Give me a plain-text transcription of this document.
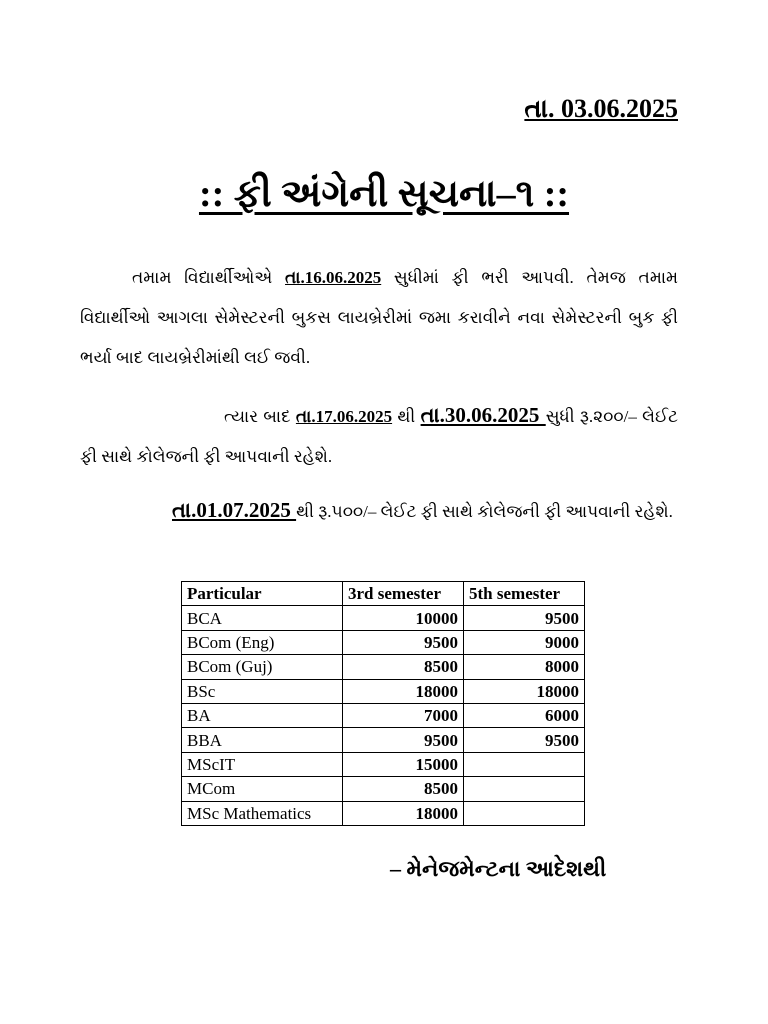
તા. 03.06.2025
:: ફી અંગેની સૂચના–૧ ::
તમામ વિદ્યાર્થીઓએ તા.16.06.2025 સુધીમાં ફી ભરી આપવી. તેમજ તમામ વિદ્યાર્થીઓ આગલા સેમેસ્ટરની બુકસ લાયબ્રેરીમાં જમા કરાવીને નવા સેમેસ્ટરની બુક ફી ભર્યા બાદ લાયબ્રેરીમાંથી લઈ જવી.
ત્યાર બાદ તા.17.06.2025 થી તા.30.06.2025 સુધી રૂ.૨૦૦/– લેઈટ ફી સાથે કોલેજની ફી આપવાની રહેશે.
તા.01.07.2025 થી રૂ.૫૦૦/– લેઈટ ફી સાથે કોલેજની ફી આપવાની રહેશે.
Particular	3rd semester	5th semester
BCA	10000	9500
BCom (Eng)	9500	9000
BCom (Guj)	8500	8000
BSc	18000	18000
BA	7000	6000
BBA	9500	9500
MScIT	15000	
MCom	8500	
MSc Mathematics	18000	
– મેનેજમેન્ટના આદેશથી
